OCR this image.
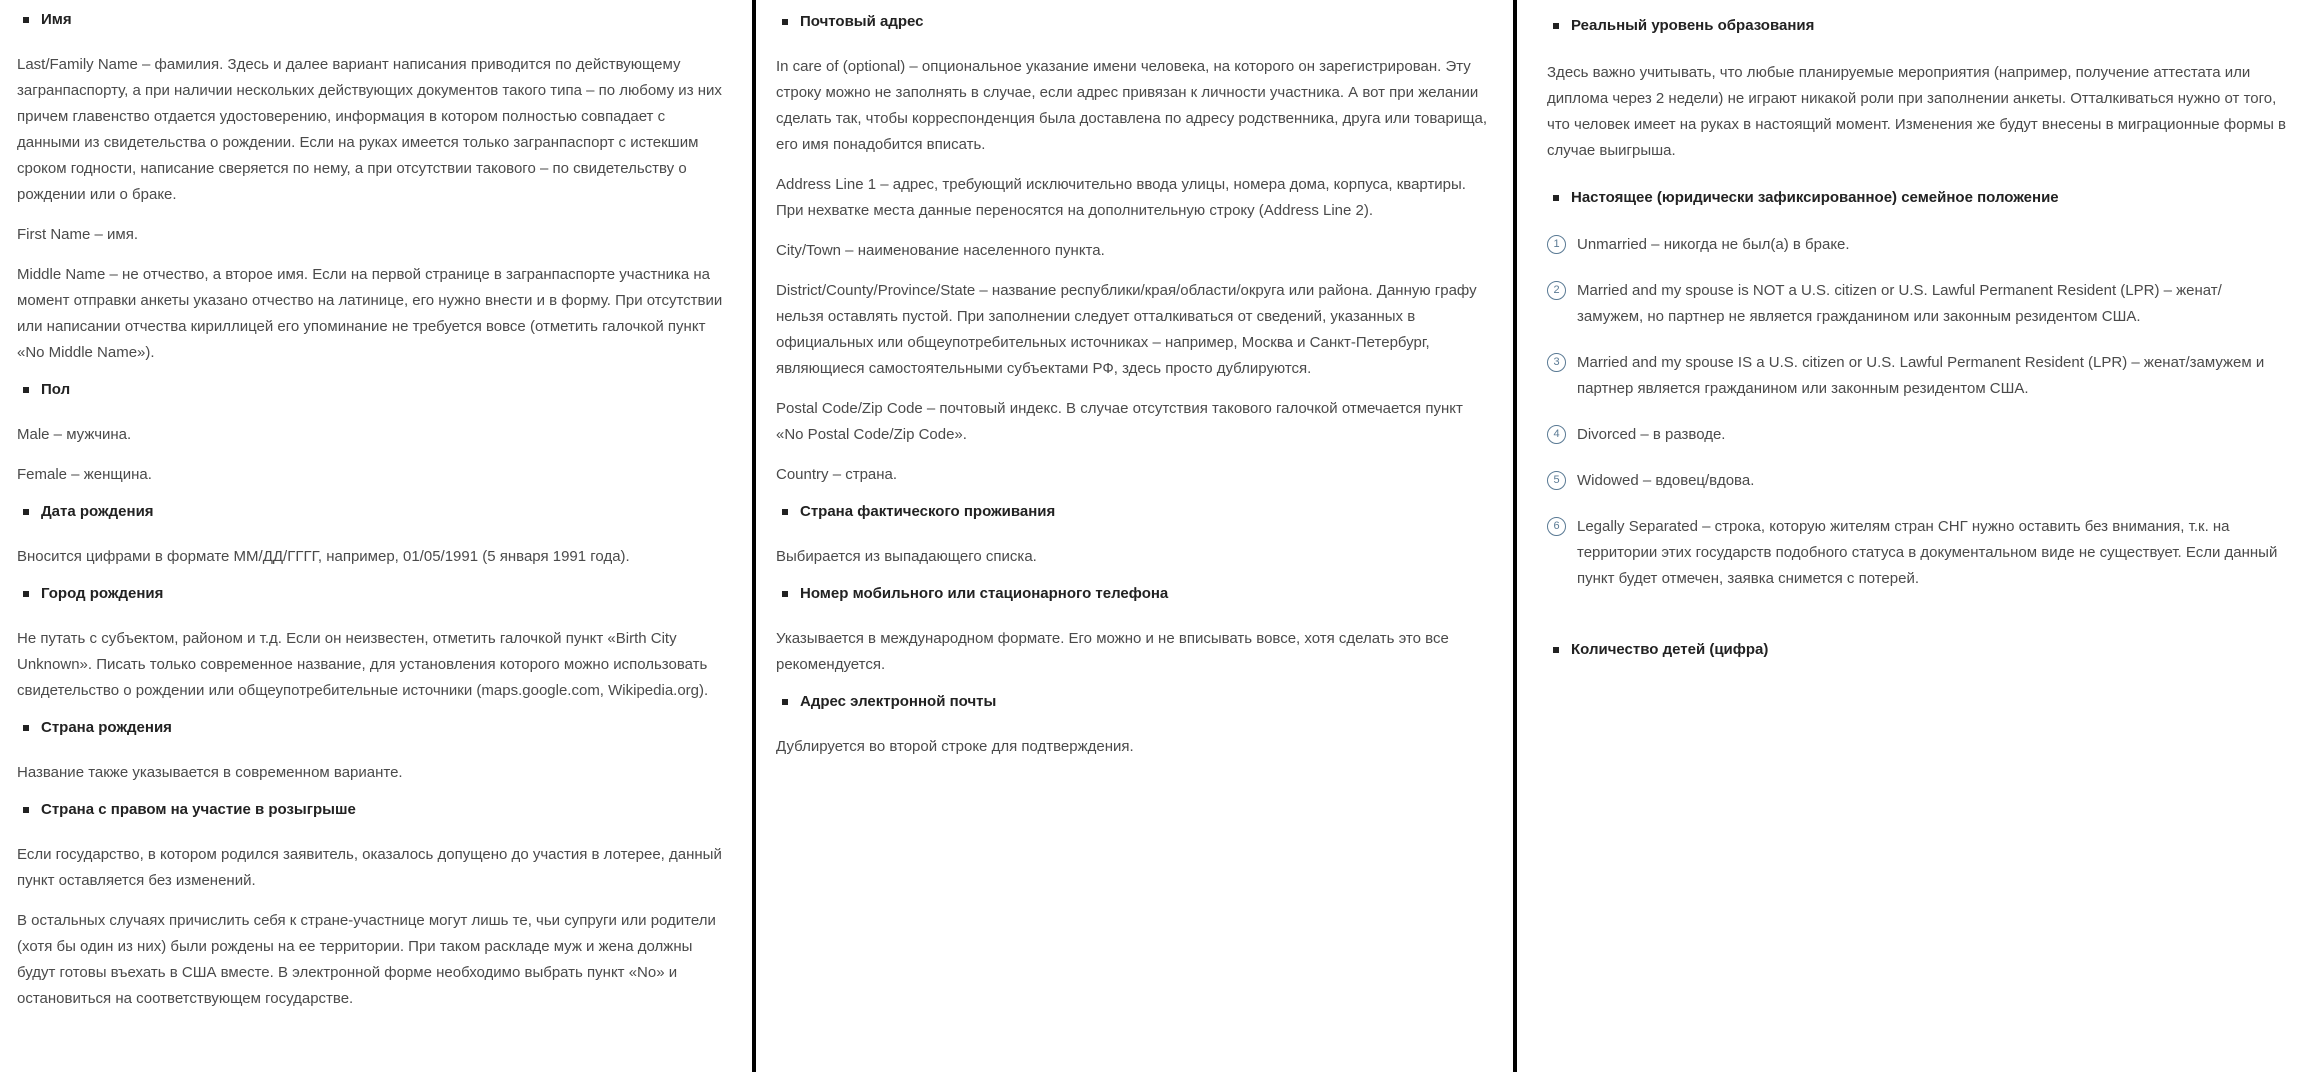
Имя

Last/Family Name – фамилия. Здесь и далее вариант написания приводится по действующему загранпаспорту, а при наличии нескольких действующих документов такого типа – по любому из них причем главенство отдается удостоверению, информация в котором полностью совпадает с данными из свидетельства о рождении. Если на руках имеется только загранпаспорт с истекшим сроком годности, написание сверяется по нему, а при отсутствии такового – по свидетельству о рождении или о браке.

First Name – имя.

Middle Name – не отчество, а второе имя. Если на первой странице в загранпаспорте участника на момент отправки анкеты указано отчество на латинице, его нужно внести и в форму. При отсутствии или написании отчества кириллицей его упоминание не требуется вовсе (отметить галочкой пункт «No Middle Name»).

Пол

Male – мужчина.

Female – женщина.

Дата рождения

Вносится цифрами в формате ММ/ДД/ГГГГ, например, 01/05/1991 (5 января 1991 года).

Город рождения

Не путать с субъектом, районом и т.д. Если он неизвестен, отметить галочкой пункт «Birth City Unknown». Писать только современное название, для установления которого можно использовать свидетельство о рождении или общеупотребительные источники (maps.google.com, Wikipedia.org).

Страна рождения

Название также указывается в современном варианте.

Страна с правом на участие в розыгрыше

Если государство, в котором родился заявитель, оказалось допущено до участия в лотерее, данный пункт оставляется без изменений.

В остальных случаях причислить себя к стране-участнице могут лишь те, чьи супруги или родители (хотя бы один из них) были рождены на ее территории. При таком раскладе муж и жена должны будут готовы въехать в США вместе. В электронной форме необходимо выбрать пункт «No» и остановиться на соответствующем государстве.

Почтовый адрес

In care of (optional) – опциональное указание имени человека, на которого он зарегистрирован. Эту строку можно не заполнять в случае, если адрес привязан к личности участника. А вот при желании сделать так, чтобы корреспонденция была доставлена по адресу родственника, друга или товарища, его имя понадобится вписать.

Address Line 1 – адрес, требующий исключительно ввода улицы, номера дома, корпуса, квартиры. При нехватке места данные переносятся на дополнительную строку (Address Line 2).

City/Town – наименование населенного пункта.

District/County/Province/State – название республики/края/области/округа или района. Данную графу нельзя оставлять пустой. При заполнении следует отталкиваться от сведений, указанных в официальных или общеупотребительных источниках – например, Москва и Санкт-Петербург, являющиеся самостоятельными субъектами РФ, здесь просто дублируются.

Postal Code/Zip Code – почтовый индекс. В случае отсутствия такового галочкой отмечается пункт «No Postal Code/Zip Code».

Country – страна.

Страна фактического проживания

Выбирается из выпадающего списка.

Номер мобильного или стационарного телефона

Указывается в международном формате. Его можно и не вписывать вовсе, хотя сделать это все рекомендуется.

Адрес электронной почты

Дублируется во второй строке для подтверждения.

Реальный уровень образования

Здесь важно учитывать, что любые планируемые мероприятия (например, получение аттестата или диплома через 2 недели) не играют никакой роли при заполнении анкеты. Отталкиваться нужно от того, что человек имеет на руках в настоящий момент. Изменения же будут внесены в миграционные формы в случае выигрыша.

Настоящее (юридически зафиксированное) семейное положение
1	Unmarried – никогда не был(а) в браке.
2	Married and my spouse is NOT a U.S. citizen or U.S. Lawful Permanent Resident (LPR) – женат/замужем, но партнер не является гражданином или законным резидентом США.
3	Married and my spouse IS a U.S. citizen or U.S. Lawful Permanent Resident (LPR) – женат/замужем и партнер является гражданином или законным резидентом США.
4	Divorced – в разводе.
5	Widowed – вдовец/вдова.
6	Legally Separated – строка, которую жителям стран СНГ нужно оставить без внимания, т.к. на территории этих государств подобного статуса в документальном виде не существует. Если данный пункт будет отмечен, заявка снимется с потерей.
Количество детей (цифра)
